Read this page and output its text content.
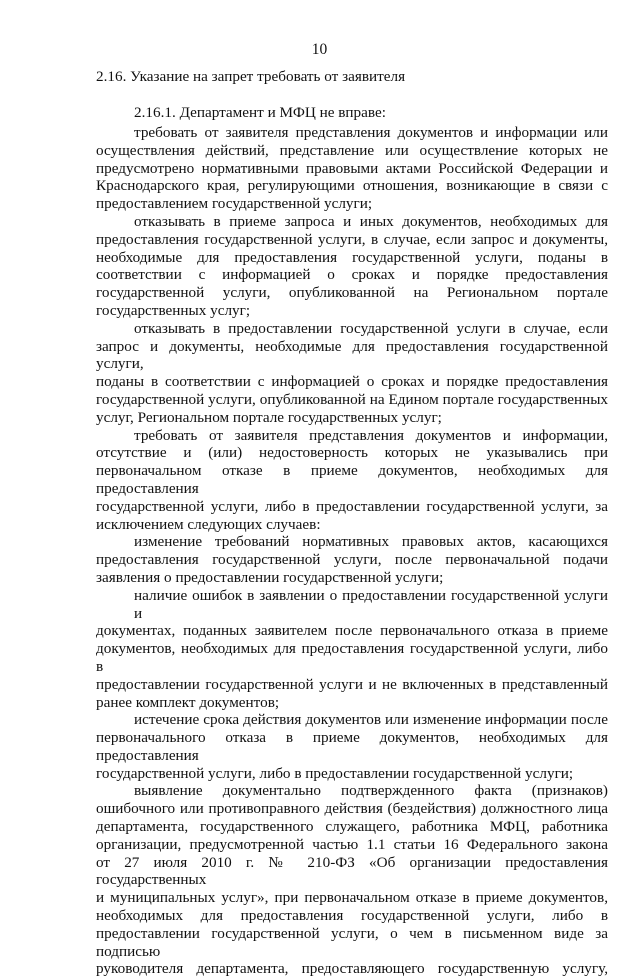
10
2.16. Указание на запрет требовать от заявителя
2.16.1. Департамент и МФЦ не вправе:
требовать от заявителя представления документов и информации или
осуществления действий, представление или осуществление которых не
предусмотрено нормативными правовыми актами Российской Федерации и
Краснодарского края, регулирующими отношения, возникающие в связи с
предоставлением государственной услуги;
отказывать в приеме запроса и иных документов, необходимых для
предоставления государственной услуги, в случае, если запрос и документы,
необходимые для предоставления государственной услуги, поданы в
соответствии с информацией о сроках и порядке предоставления
государственной услуги, опубликованной на Региональном портале
государственных услуг;
отказывать в предоставлении государственной услуги в случае, если
запрос и документы, необходимые для предоставления государственной услуги,
поданы в соответствии с информацией о сроках и порядке предоставления
государственной услуги, опубликованной на Едином портале государственных
услуг, Региональном портале государственных услуг;
требовать от заявителя представления документов и информации,
отсутствие и (или) недостоверность которых не указывались при
первоначальном отказе в приеме документов, необходимых для предоставления
государственной услуги, либо в предоставлении государственной услуги, за
исключением следующих случаев:
изменение требований нормативных правовых актов, касающихся
предоставления государственной услуги, после первоначальной подачи
заявления о предоставлении государственной услуги;
наличие ошибок в заявлении о предоставлении государственной услуги и
документах, поданных заявителем после первоначального отказа в приеме
документов, необходимых для предоставления государственной услуги, либо в
предоставлении государственной услуги и не включенных в представленный
ранее комплект документов;
истечение срока действия документов или изменение информации после
первоначального отказа в приеме документов, необходимых для предоставления
государственной услуги, либо в предоставлении государственной услуги;
выявление документально подтвержденного факта (признаков)
ошибочного или противоправного действия (бездействия) должностного лица
департамента, государственного служащего, работника МФЦ, работника
организации, предусмотренной частью 1.1 статьи 16 Федерального закона
от 27 июля 2010 г. № 210-ФЗ «Об организации предоставления государственных
и муниципальных услуг», при первоначальном отказе в приеме документов,
необходимых для предоставления государственной услуги, либо в
предоставлении государственной услуги, о чем в письменном виде за подписью
руководителя департамента, предоставляющего государственную услугу,
